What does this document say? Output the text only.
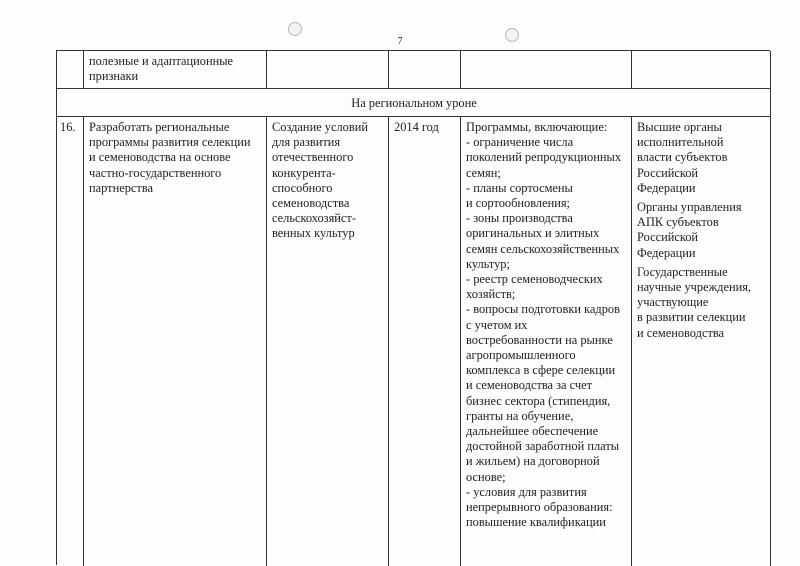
7
полезные и адаптационные
признаки
На региональном уроне
16.	Разработать региональные
программы развития селекции
и семеноводства на основе
частно-государственного
партнерства
Создание условий
для развития
отечественного
конкурента-
способного
семеноводства
сельскохозяйст-
венных культур
2014 год	Программы, включающие:
- ограничение числа
поколений репродукционных
семян;
- планы сортосмены
и сортообновления;
- зоны производства
оригинальных и элитных
семян сельскохозяйственных
культур;
- реестр семеноводческих
хозяйств;
- вопросы подготовки кадров
с учетом их
востребованности на рынке
агропромышленного
комплекса в сфере селекции
и семеноводства за счет
бизнес сектора (стипендия,
гранты на обучение,
дальнейшее обеспечение
достойной заработной платы
и жильем) на договорной
основе;
- условия для развития
непрерывного образования:
повышение квалификации
Высшие органы
исполнительной
власти субъектов
Российской
Федерации
Органы управления
АПК субъектов
Российской
Федерации
Государственные
научные учреждения,
участвующие
в развитии селекции
и семеноводства
